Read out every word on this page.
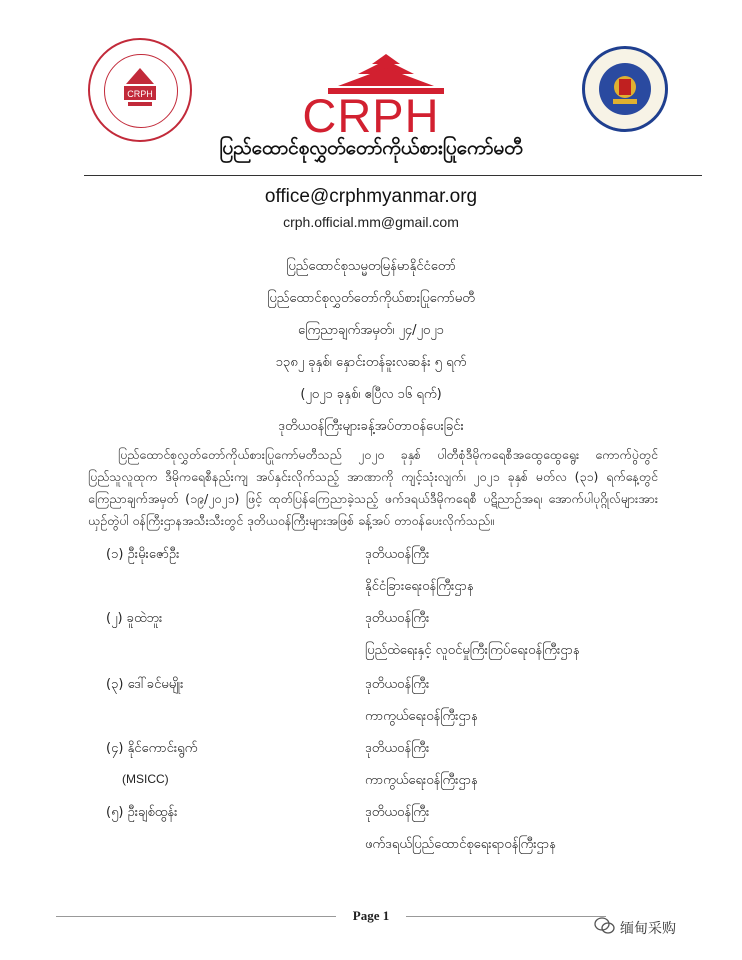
CRPH	CRPH
ပြည်ထောင်စုလွှတ်တော်ကိုယ်စားပြုကော်မတီ
office@crphmyanmar.org
crph.official.mm@gmail.com
ပြည်ထောင်စုသမ္မတမြန်မာနိုင်ငံတော်
ပြည်ထောင်စုလွှတ်တော်ကိုယ်စားပြုကော်မတီ
ကြေညာချက်အမှတ်၊ ၂၄/၂၀၂၁
၁၃၈၂ ခုနှစ်၊ နှောင်းတန်ခူးလဆန်း ၅ ရက်
(၂၀၂၁ ခုနှစ်၊ ဧပြီလ ၁၆ ရက်)
ဒုတိယဝန်ကြီးများခန့်အပ်တာဝန်ပေးခြင်း

ပြည်ထောင်စုလွှတ်တော်ကိုယ်စားပြုကော်မတီသည် ၂၀၂၀ ခုနှစ် ပါတီစုံဒီမိုကရေစီအထွေထွေရွေး ကောက်ပွဲတွင် ပြည်သူလူထုက ဒီမိုကရေစီနည်းကျ အပ်နှင်းလိုက်သည့် အာဏာကို ကျင့်သုံးလျက်၊ ၂၀၂၁ ခုနှစ် မတ်လ (၃၁) ရက်နေ့တွင် ကြေညာချက်အမှတ် (၁၉/၂၀၂၁) ဖြင့် ထုတ်ပြန်ကြေညာခဲ့သည့် ဖက်ဒရယ်ဒီမိုကရေစီ ပဋိညာဉ်အရ၊ အောက်ပါပုဂ္ဂိုလ်များအား ယှဉ်တွဲပါ ဝန်ကြီးဌာနအသီးသီးတွင် ဒုတိယဝန်ကြီးများအဖြစ် ခန့်အပ် တာဝန်ပေးလိုက်သည်။

(၁) ဦးမိုးဇော်ဦး	ဒုတိယဝန်ကြီး
နိုင်ငံခြားရေးဝန်ကြီးဌာန
(၂) ခူထဲဘူး	ဒုတိယဝန်ကြီး
ပြည်ထဲရေးနှင့် လူဝင်မှုကြီးကြပ်ရေးဝန်ကြီးဌာန
(၃) ဒေါ်ခင်မမျိုး	ဒုတိယဝန်ကြီး
ကာကွယ်ရေးဝန်ကြီးဌာန
(၄) နိုင်ကောင်းရွက်	ဒုတိယဝန်ကြီး
(MSICC)	ကာကွယ်ရေးဝန်ကြီးဌာန
(၅) ဦးချစ်ထွန်း	ဒုတိယဝန်ကြီး
ဖက်ဒရယ်ပြည်ထောင်စုရေးရာဝန်ကြီးဌာန
Page 1
缅甸采购
